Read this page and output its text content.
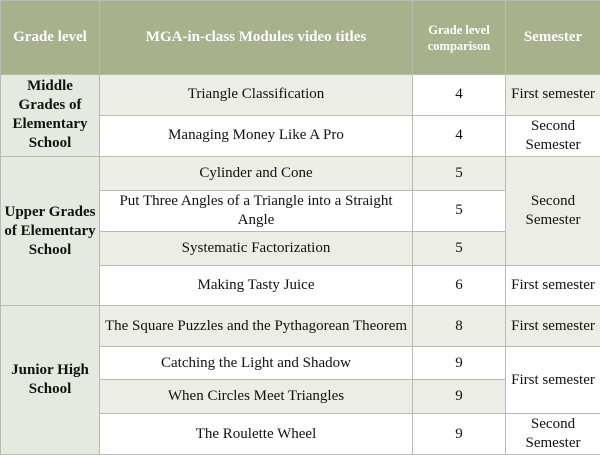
Grade level	MGA-in-class Modules video titles	Grade level comparison	Semester
Middle Grades of Elementary School	Triangle Classification	4	First semester
	Managing Money Like A Pro	4	Second Semester
Upper Grades of Elementary School	Cylinder and Cone	5	Second Semester
	Put Three Angles of a Triangle into a Straight Angle	5	
	Systematic Factorization	5	
	Making Tasty Juice	6	First semester
Junior High School	The Square Puzzles and the Pythagorean Theorem	8	First semester
	Catching the Light and Shadow	9	First semester
	When Circles Meet Triangles	9	
	The Roulette Wheel	9	Second Semester
